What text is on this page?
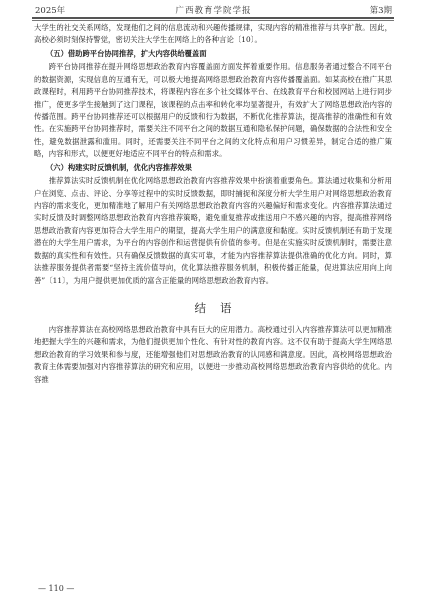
2025年	广西教育学院学报	第3期

大学生的社交关系网络，发现他们之间的信息流动和兴趣传播规律，实现内容的精准推荐与共享扩散。因此，高校必须时刻保持警觉，密切关注大学生在网络上的各种言论〔10〕。

（五）借助跨平台协同推荐，扩大内容供给覆盖面

跨平台协同推荐在提升网络思想政治教育内容覆盖面方面发挥着重要作用。信息服务者通过整合不同平台的数据资源，实现信息的互通有无，可以极大地提高网络思想政治教育内容传播覆盖面。如某高校在推广其思政课程时，利用跨平台协同推荐技术，将课程内容在多个社交媒体平台、在线教育平台和校园网站上进行同步推广，使更多学生接触到了这门课程，该课程的点击率和转化率均显著提升，有效扩大了网络思想政治内容的传播范围。跨平台协同推荐还可以根据用户的反馈和行为数据，不断优化推荐算法，提高推荐的准确性和有效性。在实施跨平台协同推荐时，需要关注不同平台之间的数据互通和隐私保护问题，确保数据的合法性和安全性，避免数据泄露和滥用。同时，还需要关注不同平台之间的文化特点和用户习惯差异，制定合适的推广策略，内容和形式，以便更好地适应不同平台的特点和需求。

（六）构建实时反馈机制，优化内容推荐效果

推荐算法实时反馈机制在优化网络思想政治教育内容推荐效果中扮演着重要角色。算法通过收集和分析用户在浏览、点击、评论、分享等过程中的实时反馈数据，即时捕捉和深度分析大学生用户对网络思想政治教育内容的需求变化，更加精准地了解用户有关网络思想政治教育内容的兴趣偏好和需求变化。内容推荐算法通过实时反馈及时调整网络思想政治教育内容推荐策略，避免重复推荐或推送用户不感兴趣的内容，提高推荐网络思想政治教育内容更加符合大学生用户的期望，提高大学生用户的满意度和黏度。实时反馈机制还有助于发现潜在的大学生用户需求，为平台的内容创作和运营提供有价值的参考。但是在实施实时反馈机制时，需要注意数据的真实性和有效性。只有确保反馈数据的真实可靠，才能为内容推荐算法提供准确的优化方向。同时，算法推荐服务提供者需要“坚持主流价值导向，优化算法推荐服务机制，积极传播正能量，促进算法应用向上向善”〔11〕，为用户提供更加优质的富含正能量的网络思想政治教育内容。

结语

内容推荐算法在高校网络思想政治教育中具有巨大的应用潜力。高校通过引入内容推荐算法可以更加精准地把握大学生的兴趣和需求，为他们提供更加个性化、有针对性的教育内容。这不仅有助于提高大学生网络思想政治教育的学习效果和参与度，还能增强他们对思想政治教育的认同感和满意度。因此，高校网络思想政治教育主体需要加强对内容推荐算法的研究和应用，以便进一步推动高校网络思想政治教育内容供给的优化。内容推

— 110 —
